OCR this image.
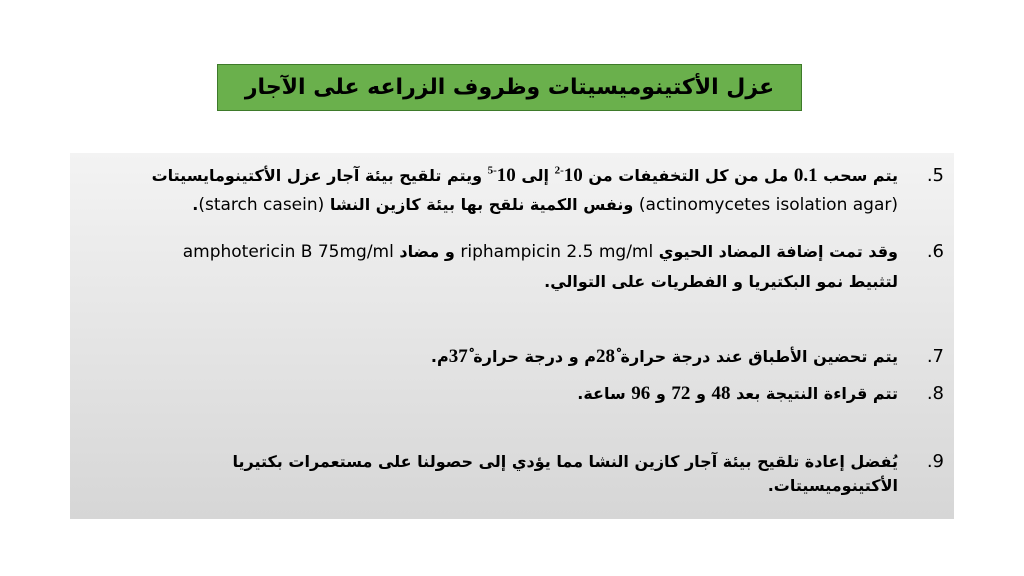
عزل الأكتينوميسيتات وظروف الزراعه على الآجار
.5
يتم سحب 0.1 مل من كل التخفيفات من $10^{-2}$ إلى $10^{-5}$ ويتم تلقيح بيئة آجار عزل الأكتينومايسيتات
(actinomycetes isolation agar) ونفس الكمية نلقح بها بيئة كازين النشا (starch casein).
.6
وقد تمت إضافة المضاد الحيوي riphampicin 2.5 mg/ml و مضاد amphotericin B 75mg/ml
لتثبيط نمو البكتيريا و الفطريات على التوالي.
.7
يتم تحضين الأطباق عند درجة حرارة 28ْم و درجة حرارة 37ْم.
.8
تتم قراءة النتيجة بعد 48 و 72 و 96 ساعة.
.9
يُفضل إعادة تلقيح بيئة آجار كازين النشا مما يؤدي إلى حصولنا على مستعمرات بكتيريا
الأكتينوميسيتات.
